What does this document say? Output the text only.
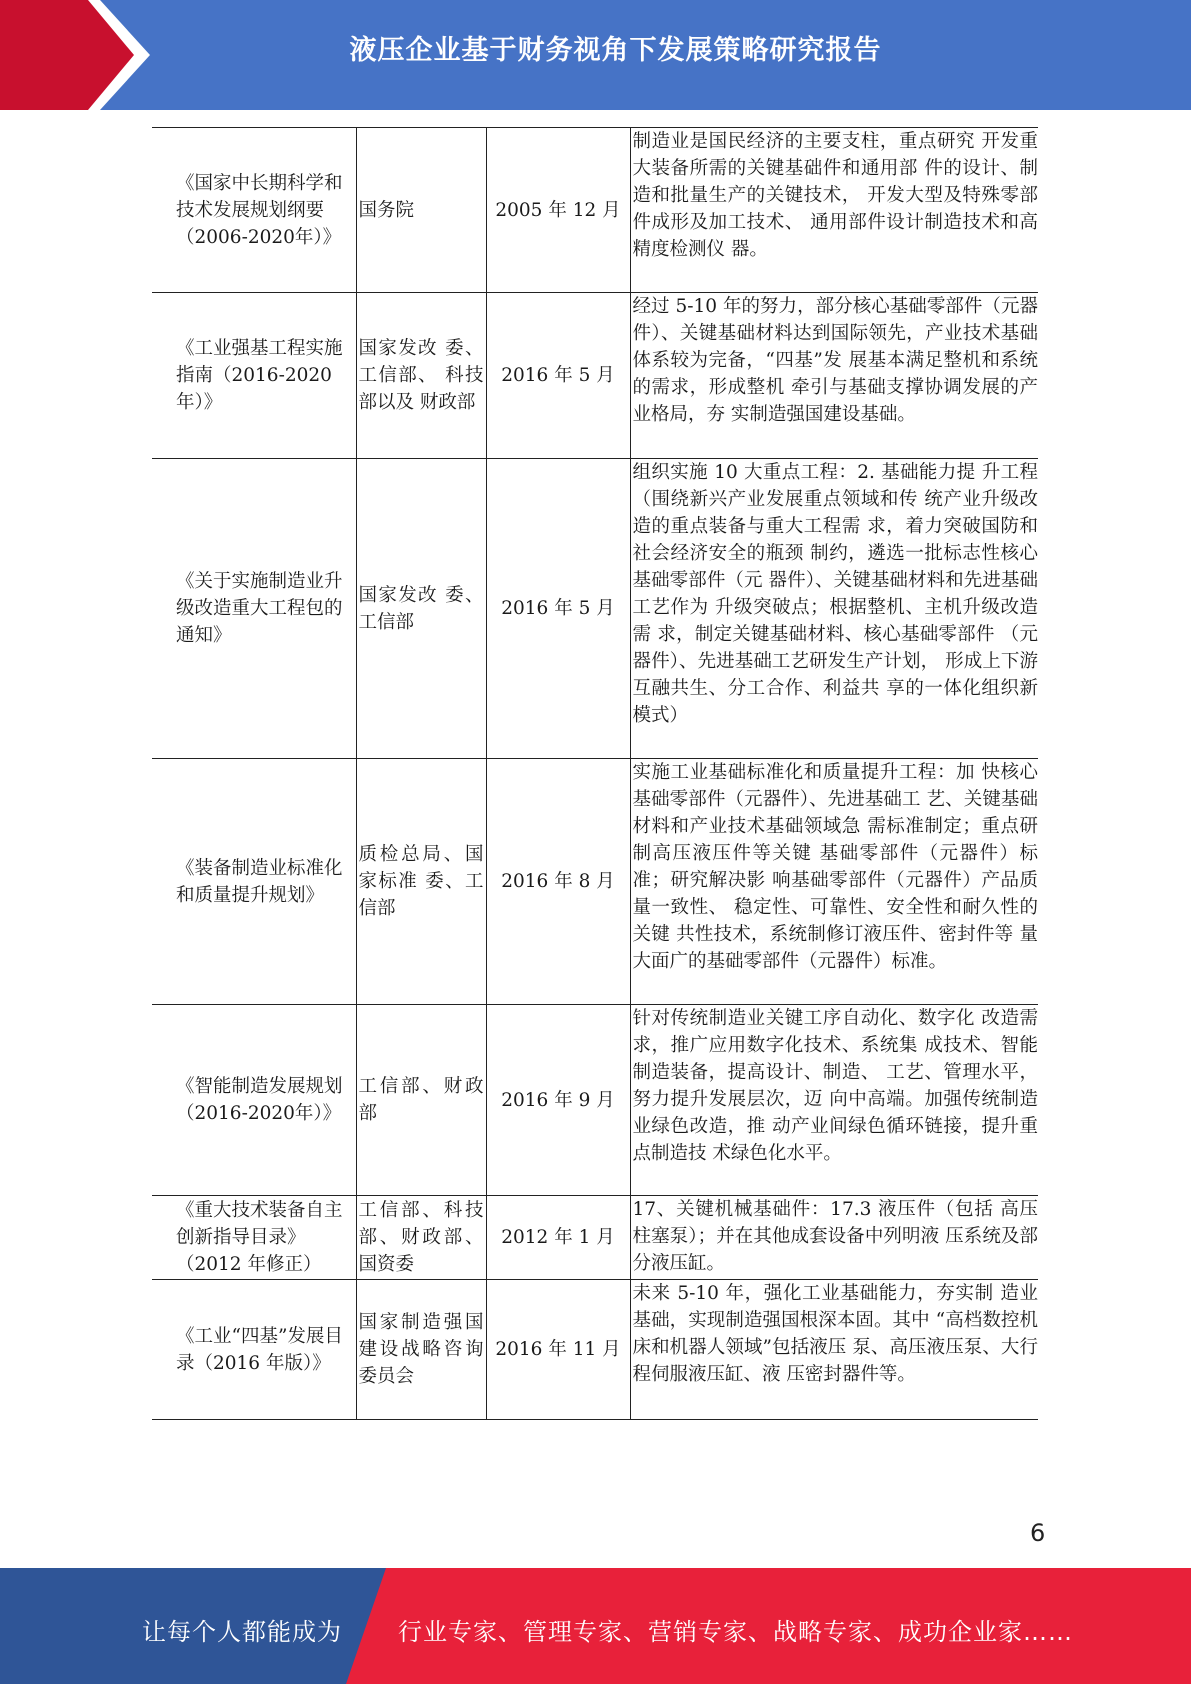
液压企业基于财务视角下发展策略研究报告
《国家中长期科学和技术发展规划纲要（2006-2020年）》	国务院	2005 年 12 月	制造业是国民经济的主要支柱，重点研究 开发重大装备所需的关键基础件和通用部 件的设计、制造和批量生产的关键技术， 开发大型及特殊零部件成形及加工技术、 通用部件设计制造技术和高精度检测仪 器。
《工业强基工程实施指南（2016-2020年）》	国家发改 委、工信部、 科技部以及 财政部	2016 年 5 月	经过 5-10 年的努力，部分核心基础零部件（元器件）、关键基础材料达到国际领先，产业技术基础体系较为完备，“四基”发 展基本满足整机和系统的需求，形成整机 牵引与基础支撑协调发展的产业格局，夯 实制造强国建设基础。
《关于实施制造业升级改造重大工程包的通知》	国家发改 委、工信部	2016 年 5 月	组织实施 10 大重点工程：2. 基础能力提 升工程（围绕新兴产业发展重点领域和传 统产业升级改造的重点装备与重大工程需 求，着力突破国防和社会经济安全的瓶颈 制约，遴选一批标志性核心基础零部件（元 器件）、关键基础材料和先进基础工艺作为 升级突破点；根据整机、主机升级改造需 求，制定关键基础材料、核心基础零部件 （元器件）、先进基础工艺研发生产计划， 形成上下游互融共生、分工合作、利益共 享的一体化组织新模式）
《装备制造业标准化和质量提升规划》	质检总局、国家标准 委、工信部	2016 年 8 月	实施工业基础标准化和质量提升工程：加 快核心基础零部件（元器件）、先进基础工 艺、关键基础材料和产业技术基础领域急 需标准制定；重点研制高压液压件等关键 基础零部件（元器件）标准；研究解决影 响基础零部件（元器件）产品质量一致性、 稳定性、可靠性、安全性和耐久性的关键 共性技术，系统制修订液压件、密封件等 量大面广的基础零部件（元器件）标准。
《智能制造发展规划（2016-2020年）》	工信部、财政部	2016 年 9 月	针对传统制造业关键工序自动化、数字化 改造需求，推广应用数字化技术、系统集 成技术、智能制造装备，提高设计、制造、 工艺、管理水平，努力提升发展层次，迈 向中高端。加强传统制造业绿色改造，推 动产业间绿色循环链接，提升重点制造技 术绿色化水平。
《重大技术装备自主创新指导目录》（2012 年修正）	工信部、科技部、财政部、国资委	2012 年 1 月	17、关键机械基础件：17.3 液压件（包括 高压柱塞泵）；并在其他成套设备中列明液 压系统及部分液压缸。
《工业“四基”发展目录（2016 年版）》	国家制造强国建设战略咨询委员会	2016 年 11 月	未来 5-10 年，强化工业基础能力，夯实制 造业基础，实现制造强国根深本固。其中 “高档数控机床和机器人领域”包括液压 泵、高压液压泵、大行程伺服液压缸、液 压密封器件等。
6
让每个人都能成为 行业专家、管理专家、营销专家、战略专家、成功企业家……
